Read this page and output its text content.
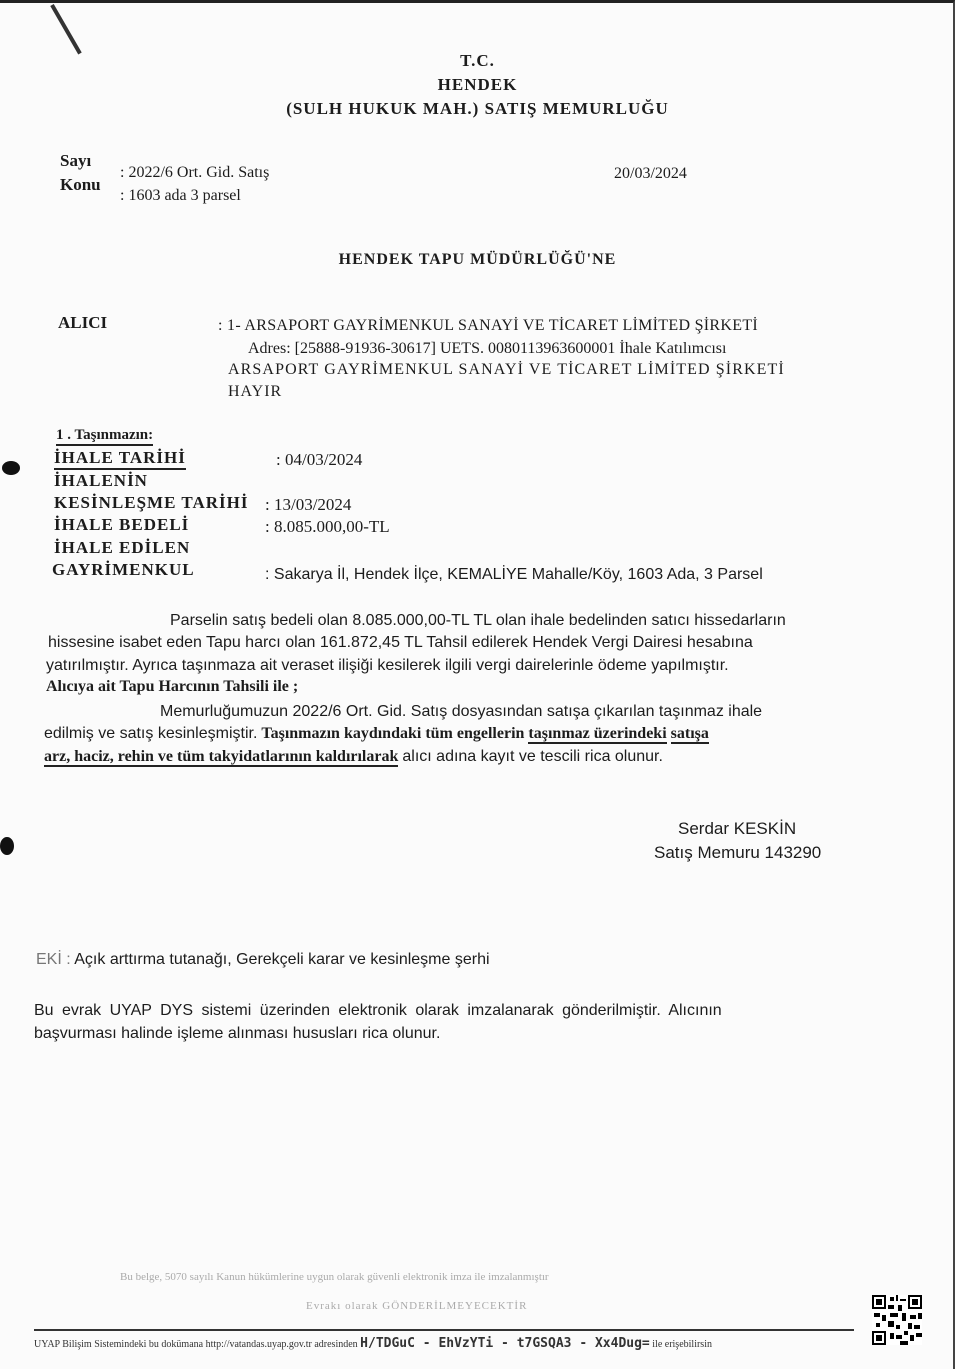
T.C.
HENDEK
(SULH HUKUK MAH.) SATIŞ MEMURLUĞU
Sayı
: 2022/6 Ort. Gid. Satış
Konu
: 1603 ada 3 parsel
20/03/2024
HENDEK TAPU MÜDÜRLÜĞÜ'NE
ALICI	: 1- ARSAPORT GAYRİMENKUL SANAYİ VE TİCARET LİMİTED ŞİRKETİ
Adres: [25888-91936-30617] UETS. 0080113963600001 İhale Katılımcısı
ARSAPORT GAYRİMENKUL SANAYİ VE TİCARET LİMİTED ŞİRKETİ
HAYIR
1 . Taşınmazın:
İHALE TARİHİ	: 04/03/2024
İHALENİN
KESİNLEŞME TARİHİ : 13/03/2024
İHALE BEDELİ	: 8.085.000,00-TL
İHALE EDİLEN
GAYRİMENKUL	: Sakarya İl, Hendek İlçe, KEMALİYE Mahalle/Köy, 1603 Ada, 3 Parsel
Parselin satış bedeli olan 8.085.000,00-TL TL olan ihale bedelinden satıcı hissedarların
hissesine isabet eden Tapu harcı olan 161.872,45 TL Tahsil edilerek Hendek Vergi Dairesi hesabına
yatırılmıştır. Ayrıca taşınmaza ait veraset ilişiği kesilerek ilgili vergi dairelerinle ödeme yapılmıştır.
Alıcıya ait Tapu Harcının Tahsili ile ;
Memurluğumuzun 2022/6 Ort. Gid. Satış dosyasından satışa çıkarılan taşınmaz ihale
edilmiş ve satış kesinleşmiştir. Taşınmazın kaydındaki tüm engellerin taşınmaz üzerindeki satışa
arz, haciz, rehin ve tüm takyidatlarının kaldırılarak alıcı adına kayıt ve tescili rica olunur.
Serdar KESKİN
Satış Memuru 143290
EKİ : Açık arttırma tutanağı, Gerekçeli karar ve kesinleşme şerhi
Bu evrak UYAP DYS sistemi üzerinden elektronik olarak imzalanarak gönderilmiştir. Alıcının
başvurması halinde işleme alınması hususları rica olunur.
Bu belge, 5070 sayılı Kanun hükümlerine uygun olarak güvenli elektronik imza ile imzalanmıştır
Evrakı olarak GÖNDERİLMEYECEKTİR
UYAP Bilişim Sistemindeki bu dokümana http://vatandas.uyap.gov.tr adresinden H/TDGuC - EhVzYTi - t7GSQA3 - Xx4Dug= ile erişebilirsin
